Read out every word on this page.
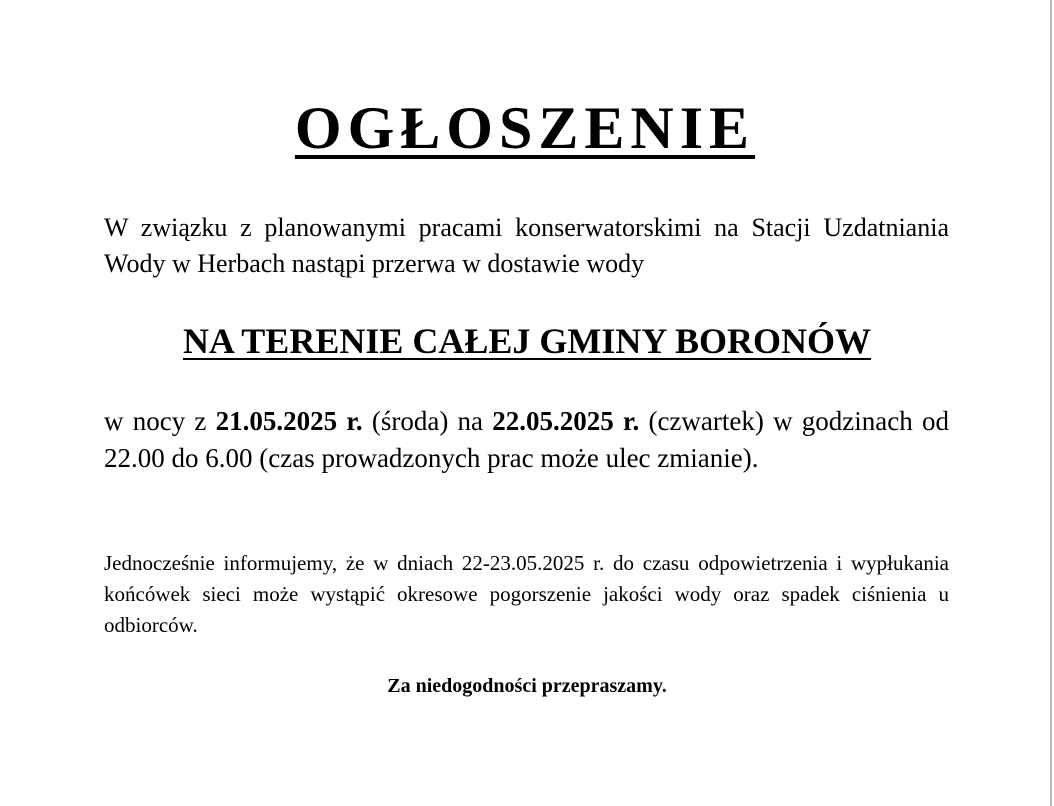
OGŁOSZENIE
W związku z planowanymi pracami konserwatorskimi na Stacji Uzdatniania Wody w Herbach nastąpi przerwa w dostawie wody
NA TERENIE CAŁEJ GMINY BORONÓW
w nocy z 21.05.2025 r. (środa) na 22.05.2025 r. (czwartek) w godzinach od 22.00 do 6.00 (czas prowadzonych prac może ulec zmianie).
Jednocześnie informujemy, że w dniach 22-23.05.2025 r. do czasu odpowietrzenia i wypłukania końcówek sieci może wystąpić okresowe pogorszenie jakości wody oraz spadek ciśnienia u odbiorców.
Za niedogodności przepraszamy.
